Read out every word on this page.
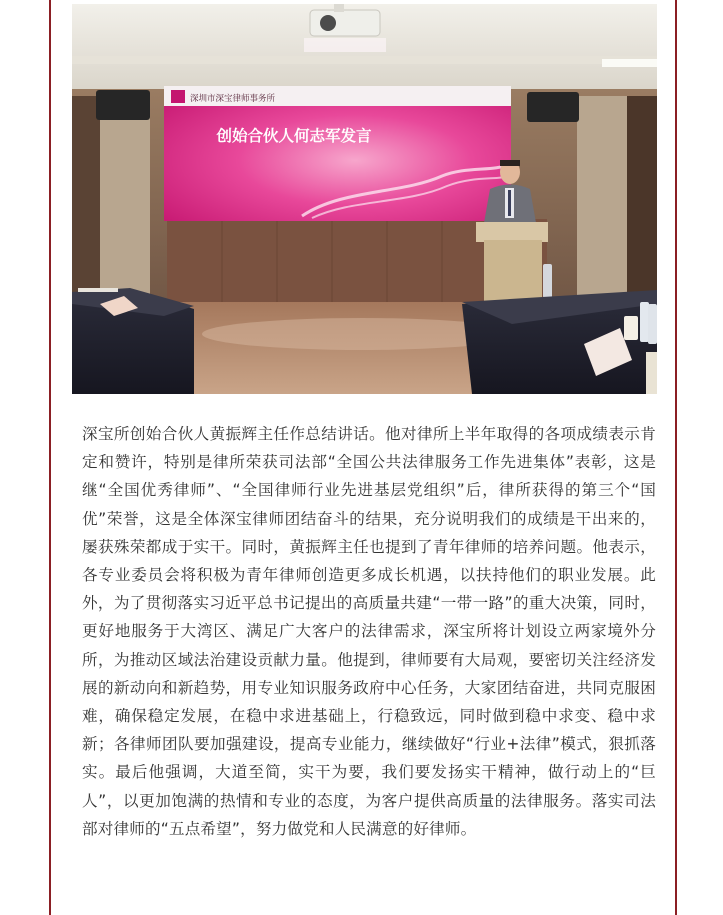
深圳市深宝律师事务所
创始合伙人何志军发言

深宝所创始合伙人黄振辉主任作总结讲话。他对律所上半年取得的各项成绩表示肯定和赞许，特别是律所荣获司法部“全国公共法律服务工作先进集体”表彰，这是继“全国优秀律师”、“全国律师行业先进基层党组织”后，律所获得的第三个“国优”荣誉，这是全体深宝律师团结奋斗的结果，充分说明我们的成绩是干出来的，屡获殊荣都成于实干。同时，黄振辉主任也提到了青年律师的培养问题。他表示，各专业委员会将积极为青年律师创造更多成长机遇，以扶持他们的职业发展。此外，为了贯彻落实习近平总书记提出的高质量共建“一带一路”的重大决策，同时，更好地服务于大湾区、满足广大客户的法律需求，深宝所将计划设立两家境外分所，为推动区域法治建设贡献力量。他提到，律师要有大局观，要密切关注经济发展的新动向和新趋势，用专业知识服务政府中心任务，大家团结奋进，共同克服困难，确保稳定发展，在稳中求进基础上，行稳致远，同时做到稳中求变、稳中求新；各律师团队要加强建设，提高专业能力，继续做好“行业+法律”模式，狠抓落实。最后他强调，大道至简，实干为要，我们要发扬实干精神，做行动上的“巨人”，以更加饱满的热情和专业的态度，为客户提供高质量的法律服务。落实司法部对律师的“五点希望”，努力做党和人民满意的好律师。
